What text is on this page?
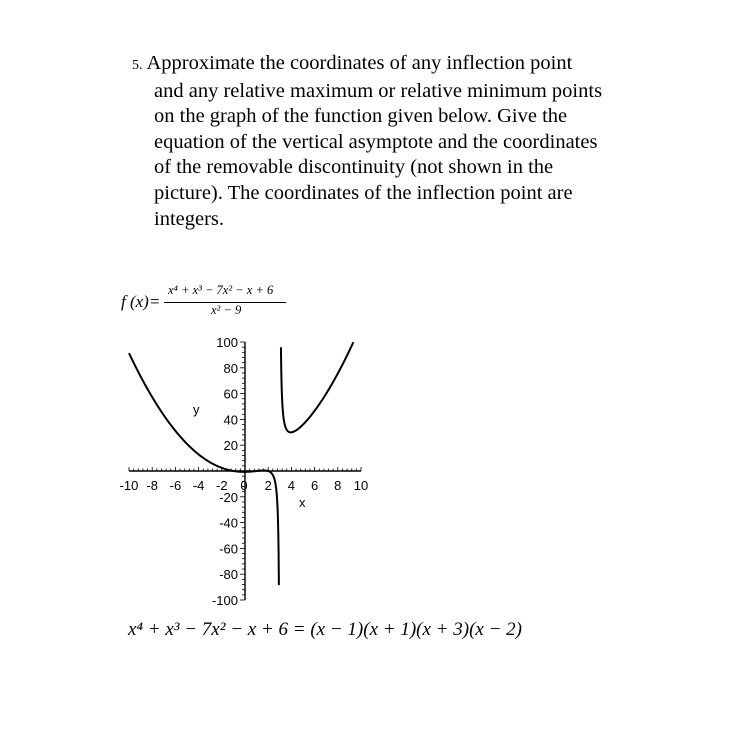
5. Approximate the coordinates of any inflection point
and any relative maximum or relative minimum points
on the graph of the function given below. Give the
equation of the vertical asymptote and the coordinates
of the removable discontinuity (not shown in the
picture). The coordinates of the inflection point are
integers.
f (x)=
x⁴ + x³ − 7x² − x + 6
x² − 9
100
80
60
40
20
-20
-40
-60
-80
-100
-10 -8 -6 -4 -2 0 2 4 6 8 10
y
x
x⁴ + x³ − 7x² − x + 6 = (x − 1)(x + 1)(x + 3)(x − 2)
